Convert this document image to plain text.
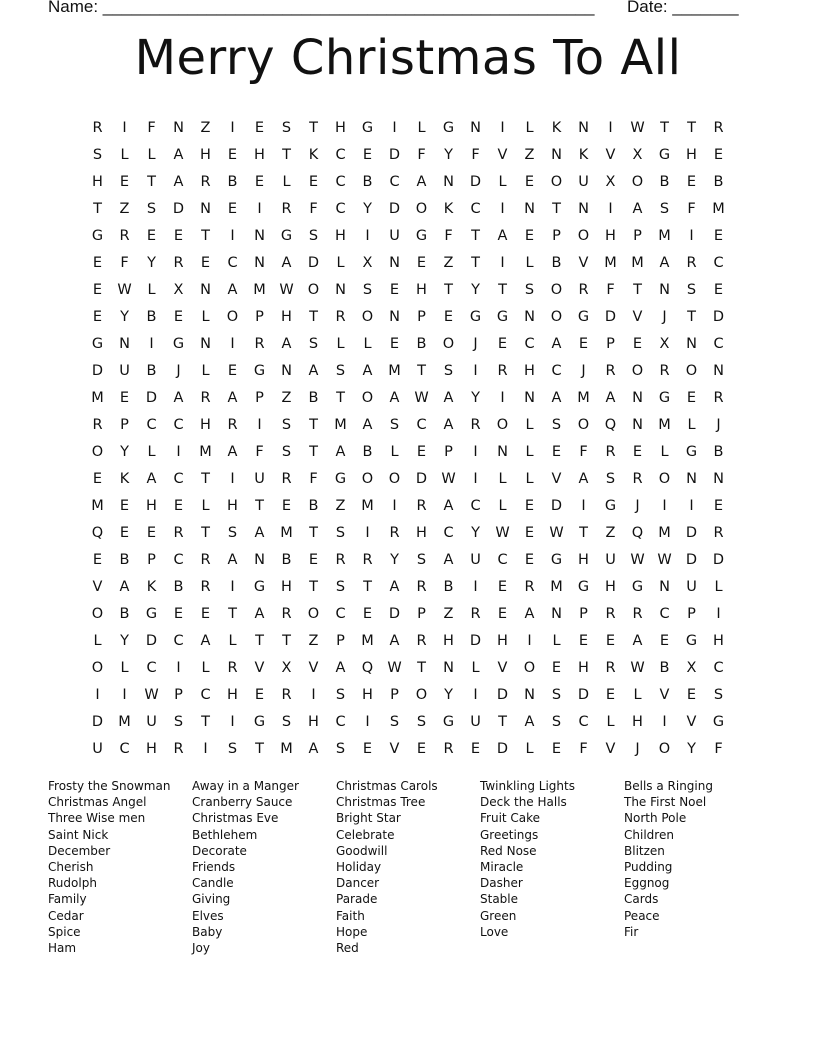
Name: ____________________________________________________ Date: _______
Merry Christmas To All
R	I	F	N	Z	I	E	S	T	H	G	I	L	G	N	I	L	K	N	I	W	T	T	R
S	L	L	A	H	E	H	T	K	C	E	D	F	Y	F	V	Z	N	K	V	X	G	H	E
H	E	T	A	R	B	E	L	E	C	B	C	A	N	D	L	E	O	U	X	O	B	E	B
T	Z	S	D	N	E	I	R	F	C	Y	D	O	K	C	I	N	T	N	I	A	S	F	M
G	R	E	E	T	I	N	G	S	H	I	U	G	F	T	A	E	P	O	H	P	M	I	E
E	F	Y	R	E	C	N	A	D	L	X	N	E	Z	T	I	L	B	V	M M	A	R	C
E	W	L	X	N	A	M W O	N	S	E	H	T	Y	T	S	O	R	F	T	N	S	E
E	Y	B	E	L	O	P	H	T	R	O	N	P	E	G	G	N	O	G	D	V	J	T	D
G	N	I	G	N	I	R	A	S	L	L	E	B	O	J	E	C	A	E	P	E	X	N	C
D	U	B	J	L	E	G	N	A	S	A	M	T	S	I	R	H	C	J	R	O	R	O	N
M	E	D	A	R	A	P	Z	B	T	O	A	W	A	Y	I	N	A	M	A	N	G	E	R
R	P	C	C	H	R	I	S	T	M	A	S	C	A	R	O	L	S	O	Q	N	M	L	J
O	Y	L	I	M	A	F	S	T	A	B	L	E	P	I	N	L	E	F	R	E	L	G	B
E	K	A	C	T	I	U	R	F	G	O	O	D W	I	L	L	V	A	S	R	O	N	N
M	E	H	E	L	H	T	E	B	Z	M	I	R	A	C	L	E	D	I	G	J	I	I	E
Q	E	E	R	T	S	A	M	T	S	I	R	H	C	Y	W	E	W	T	Z	Q	M	D	R
E	B	P	C	R	A	N	B	E	R	R	Y	S	A	U	C	E	G	H	U	W W D	D
V	A	K	B	R	I	G	H	T	S	T	A	R	B	I	E	R	M	G	H	G	N	U	L
O	B	G	E	E	T	A	R	O	C	E	D	P	Z	R	E	A	N	P	R	R	C	P	I
L	Y	D	C	A	L	T	T	Z	P	M	A	R	H	D	H	I	L	E	E	A	E	G	H
O	L	C	I	L	R	V	X	V	A	Q W	T	N	L	V	O	E	H	R	W	B	X	C
I	I	W	P	C	H	E	R	I	S	H	P	O	Y	I	D	N	S	D	E	L	V	E	S
D	M	U	S	T	I	G	S	H	C	I	S	S	G	U	T	A	S	C	L	H	I	V	G
U	C	H	R	I	S	T	M	A	S	E	V	E	R	E	D	L	E	F	V	J	O	Y	F
Frosty the Snowman
Christmas Angel
Three Wise men
Saint Nick
December
Cherish
Rudolph
Family
Cedar
Spice
Ham
Away in a Manger
Cranberry Sauce
Christmas Eve
Bethlehem
Decorate
Friends
Candle
Giving
Elves
Baby
Joy
Christmas Carols
Christmas Tree
Bright Star
Celebrate
Goodwill
Holiday
Dancer
Parade
Faith
Hope
Red
Twinkling Lights
Deck the Halls
Fruit Cake
Greetings
Red Nose
Miracle
Dasher
Stable
Green
Love
Bells a Ringing
The First Noel
North Pole
Children
Blitzen
Pudding
Eggnog
Cards
Peace
Fir
